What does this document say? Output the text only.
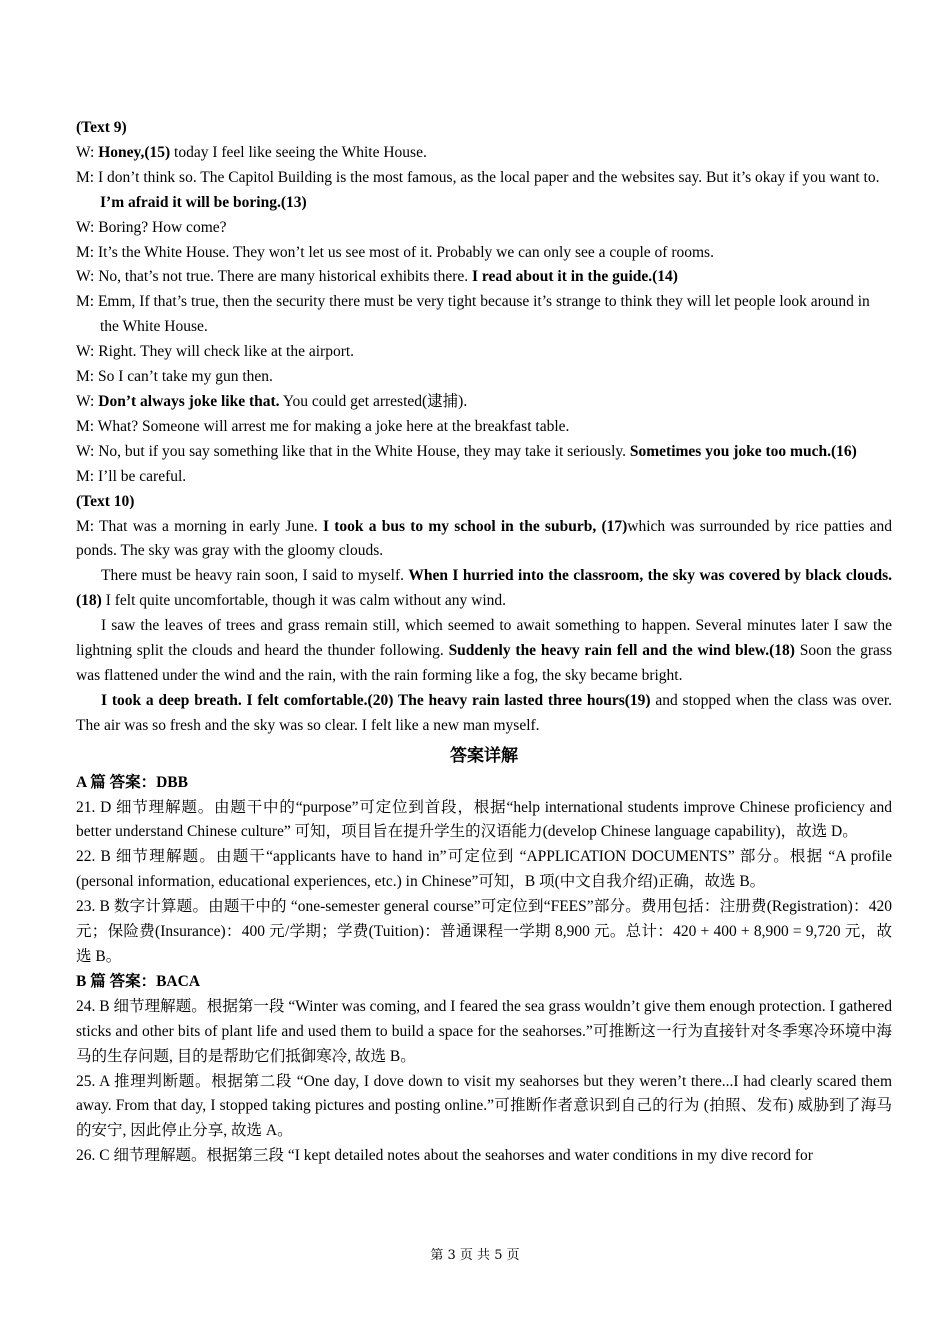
(Text 9)
W: Honey,(15) today I feel like seeing the White House.
M: I don’t think so. The Capitol Building is the most famous, as the local paper and the websites say. But it’s okay if you want to. I’m afraid it will be boring.(13)
W: Boring? How come?
M: It’s the White House. They won’t let us see most of it. Probably we can only see a couple of rooms.
W: No, that’s not true. There are many historical exhibits there. I read about it in the guide.(14)
M: Emm, If that’s true, then the security there must be very tight because it’s strange to think they will let people look around in the White House.
W: Right. They will check like at the airport.
M: So I can’t take my gun then.
W: Don’t always joke like that. You could get arrested(逮捕).
M: What? Someone will arrest me for making a joke here at the breakfast table.
W: No, but if you say something like that in the White House, they may take it seriously. Sometimes you joke too much.(16)
M: I’ll be careful.
(Text 10)
M: That was a morning in early June. I took a bus to my school in the suburb, (17)which was surrounded by rice patties and ponds. The sky was gray with the gloomy clouds.
There must be heavy rain soon, I said to myself. When I hurried into the classroom, the sky was covered by black clouds.(18) I felt quite uncomfortable, though it was calm without any wind.
I saw the leaves of trees and grass remain still, which seemed to await something to happen. Several minutes later I saw the lightning split the clouds and heard the thunder following. Suddenly the heavy rain fell and the wind blew.(18) Soon the grass was flattened under the wind and the rain, with the rain forming like a fog, the sky became bright.
I took a deep breath. I felt comfortable.(20) The heavy rain lasted three hours(19) and stopped when the class was over. The air was so fresh and the sky was so clear. I felt like a new man myself.
答案详解
A 篇 答案：DBB
21. D 细节理解题。由题干中的“purpose”可定位到首段，根据“help international students improve Chinese proficiency and better understand Chinese culture” 可知，项目旨在提升学生的汉语能力(develop Chinese language capability)，故选 D。
22. B 细节理解题。由题干“applicants have to hand in”可定位到 “APPLICATION DOCUMENTS” 部分。根据 “A profile (personal information, educational experiences, etc.) in Chinese”可知，B 项(中文自我介绍)正确，故选 B。
23. B 数字计算题。由题干中的 “one-semester general course”可定位到“FEES”部分。费用包括：注册费(Registration)：420 元；保险费(Insurance)：400 元/学期；学费(Tuition)：普通课程一学期 8,900 元。总计：420 + 400 + 8,900 = 9,720 元，故选 B。
B 篇 答案：BACA
24. B 细节理解题。根据第一段 “Winter was coming, and I feared the sea grass wouldn’t give them enough protection. I gathered sticks and other bits of plant life and used them to build a space for the seahorses.”可推断这一行为直接针对冬季寒冷环境中海马的生存问题, 目的是帮助它们抵御寒冷, 故选 B。
25. A 推理判断题。根据第二段 “One day, I dove down to visit my seahorses but they weren’t there...I had clearly scared them away. From that day, I stopped taking pictures and posting online.”可推断作者意识到自己的行为 (拍照、发布) 威胁到了海马的安宁, 因此停止分享, 故选 A。
26. C 细节理解题。根据第三段 “I kept detailed notes about the seahorses and water conditions in my dive record for
第 3 页 共 5 页
